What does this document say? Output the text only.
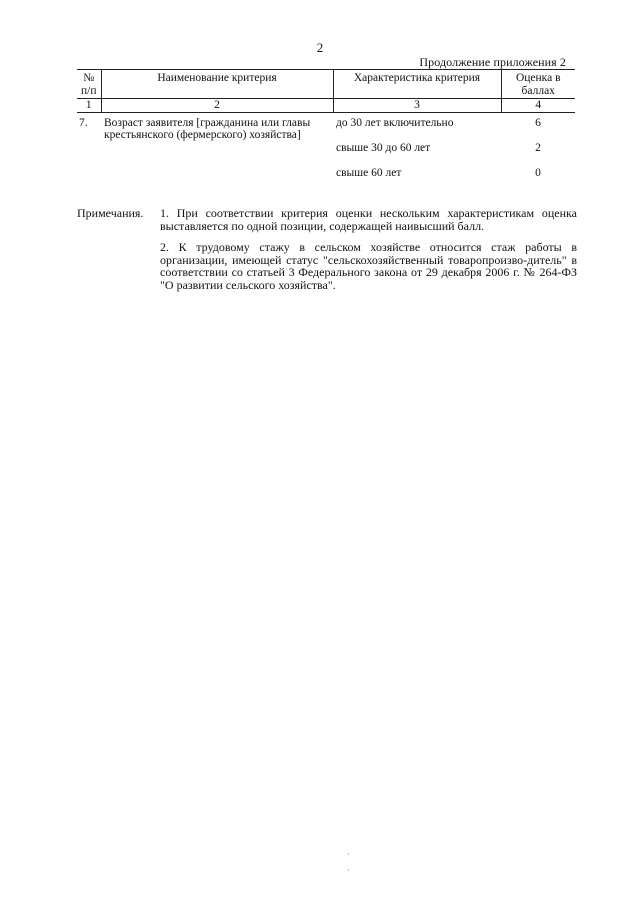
2
Продолжение приложения 2
№ п/п	Наименование критерия	Характеристика критерия	Оценка в баллах
1	2	3	4
7.	Возраст заявителя [гражданина или главы крестьянского (фермерского) хозяйства]	до 30 лет включительно	6
		свыше 30 до 60 лет	2
		свыше 60 лет	0
Примечания. 1. При соответствии критерия оценки нескольким характеристикам оценка выставляется по одной позиции, содержащей наивысший балл.

2. К трудовому стажу в сельском хозяйстве относится стаж работы в организации, имеющей статус "сельскохозяйственный товаропроизво-дитель" в соответствии со статьей 3 Федерального закона от 29 декабря 2006 г. № 264-ФЗ "О развитии сельского хозяйства".

·
·
